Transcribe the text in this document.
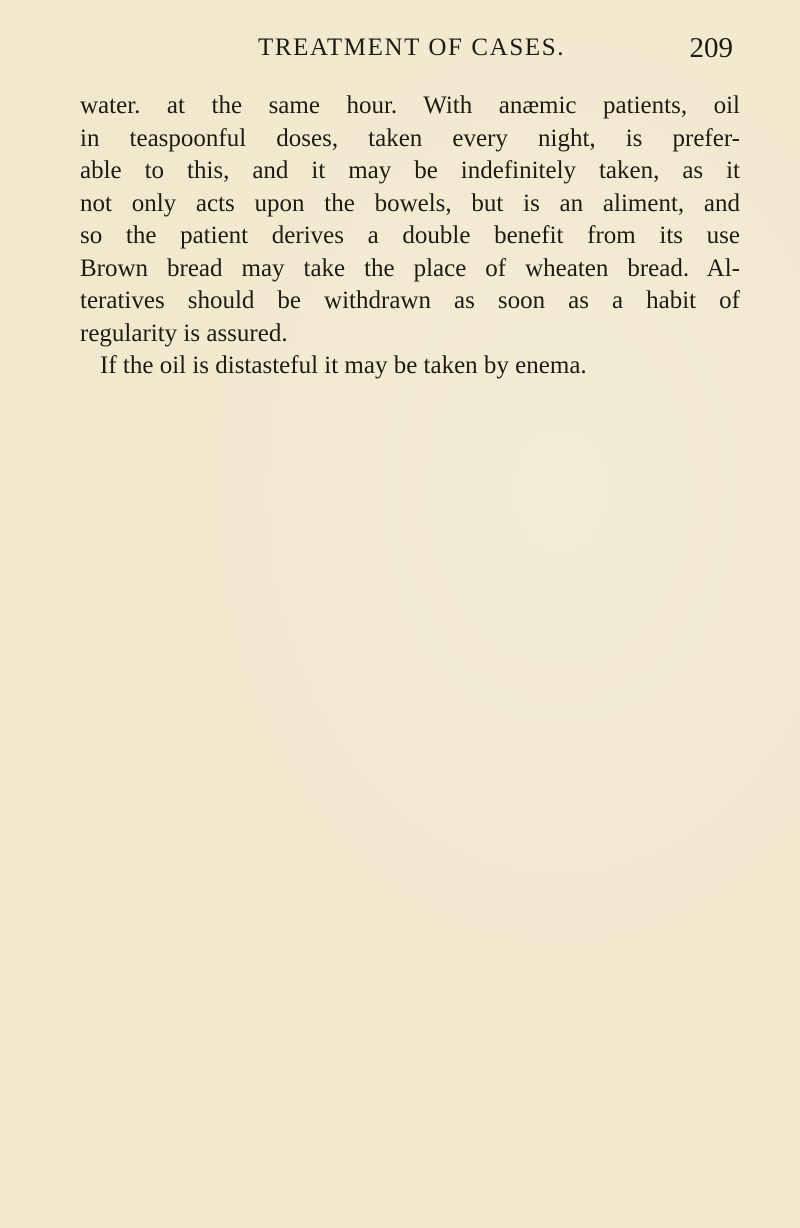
TREATMENT OF CASES.	209
water. at the same hour. With anæmic patients, oil
in teaspoonful doses, taken every night, is prefer-
able to this, and it may be indefinitely taken, as it
not only acts upon the bowels, but is an aliment, and
so the patient derives a double benefit from its use
Brown bread may take the place of wheaten bread. Al-
teratives should be withdrawn as soon as a habit of
regularity is assured.
If the oil is distasteful it may be taken by enema.
